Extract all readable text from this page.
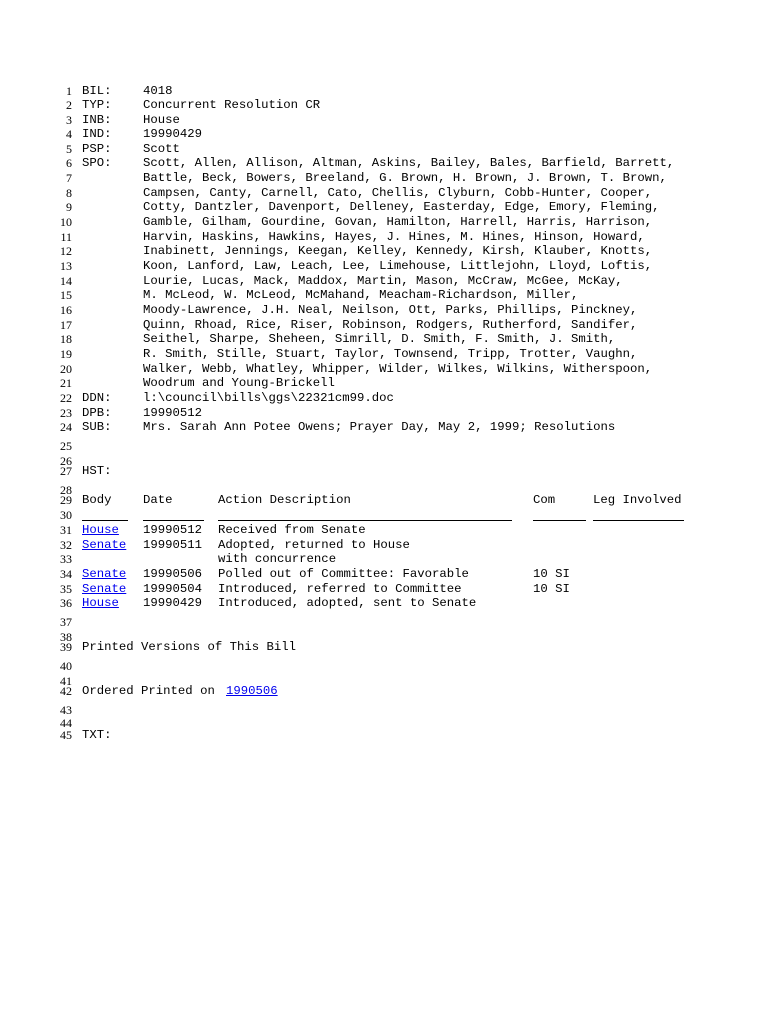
1
2
3
4
5
6
7
8
9
10
11
12
13
14
15
16
17
18
19
20
21
22
23
24
25
26
27
28
29
30
31
32
33
34
35
36
37
38
39
40
41
42
43
44
45
BIL:	4018
TYP:	Concurrent Resolution CR
INB:	House
IND:	19990429
PSP:	Scott
SPO:	Scott, Allen, Allison, Altman, Askins, Bailey, Bales, Barfield, Barrett,
Battle, Beck, Bowers, Breeland, G. Brown, H. Brown, J. Brown, T. Brown,
Campsen, Canty, Carnell, Cato, Chellis, Clyburn, Cobb-Hunter, Cooper,
Cotty, Dantzler, Davenport, Delleney, Easterday, Edge, Emory, Fleming,
Gamble, Gilham, Gourdine, Govan, Hamilton, Harrell, Harris, Harrison,
Harvin, Haskins, Hawkins, Hayes, J. Hines, M. Hines, Hinson, Howard,
Inabinett, Jennings, Keegan, Kelley, Kennedy, Kirsh, Klauber, Knotts,
Koon, Lanford, Law, Leach, Lee, Limehouse, Littlejohn, Lloyd, Loftis,
Lourie, Lucas, Mack, Maddox, Martin, Mason, McCraw, McGee, McKay,
M. McLeod, W. McLeod, McMahand, Meacham-Richardson, Miller,
Moody-Lawrence, J.H. Neal, Neilson, Ott, Parks, Phillips, Pinckney,
Quinn, Rhoad, Rice, Riser, Robinson, Rodgers, Rutherford, Sandifer,
Seithel, Sharpe, Sheheen, Simrill, D. Smith, F. Smith, J. Smith,
R. Smith, Stille, Stuart, Taylor, Townsend, Tripp, Trotter, Vaughn,
Walker, Webb, Whatley, Whipper, Wilder, Wilkes, Wilkins, Witherspoon,
Woodrum and Young-Brickell
DDN:	l:\council\bills\ggs\22321cm99.doc
DPB:	19990512
SUB:	Mrs. Sarah Ann Potee Owens; Prayer Day, May 2, 1999; Resolutions
HST:
Body	Date	Action Description	Com	Leg Involved
House 19990512 Received from Senate
Senate 19990511 Adopted, returned to House
with concurrence
Senate 19990506 Polled out of Committee: Favorable	10 SI
Senate 19990504 Introduced, referred to Committee	10 SI
House 19990429 Introduced, adopted, sent to Senate
Printed Versions of This Bill
Ordered Printed on 1990506
TXT:
